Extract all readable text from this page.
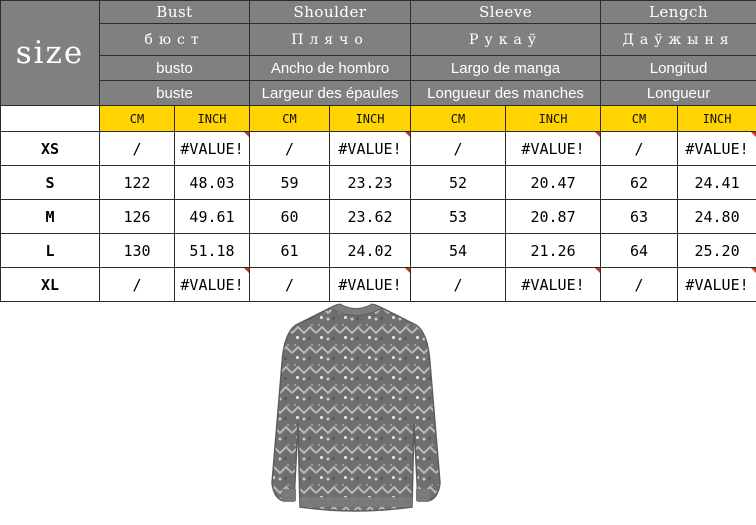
size	Bust		Shoulder		Sleeve		Lengch	
	бюст		Плячо		Рукаў		Даўжыня	
	busto		Ancho de hombro		Largo de manga		Longitud	
	buste		Largeur des épaules		Longueur des manches		Longueur	
	CM	INCH	CM	INCH	CM	INCH	CM	INCH
XS	/	#VALUE!	/	#VALUE!	/	#VALUE!	/	#VALUE!

S	122	48.03	59	23.23	52	20.47	62	24.41
M	126	49.61	60	23.62	53	20.87	63	24.80
L	130	51.18	61	24.02	54	21.26	64	25.20
XL	/	#VALUE!	/	#VALUE!	/	#VALUE!	/	#VALUE!
